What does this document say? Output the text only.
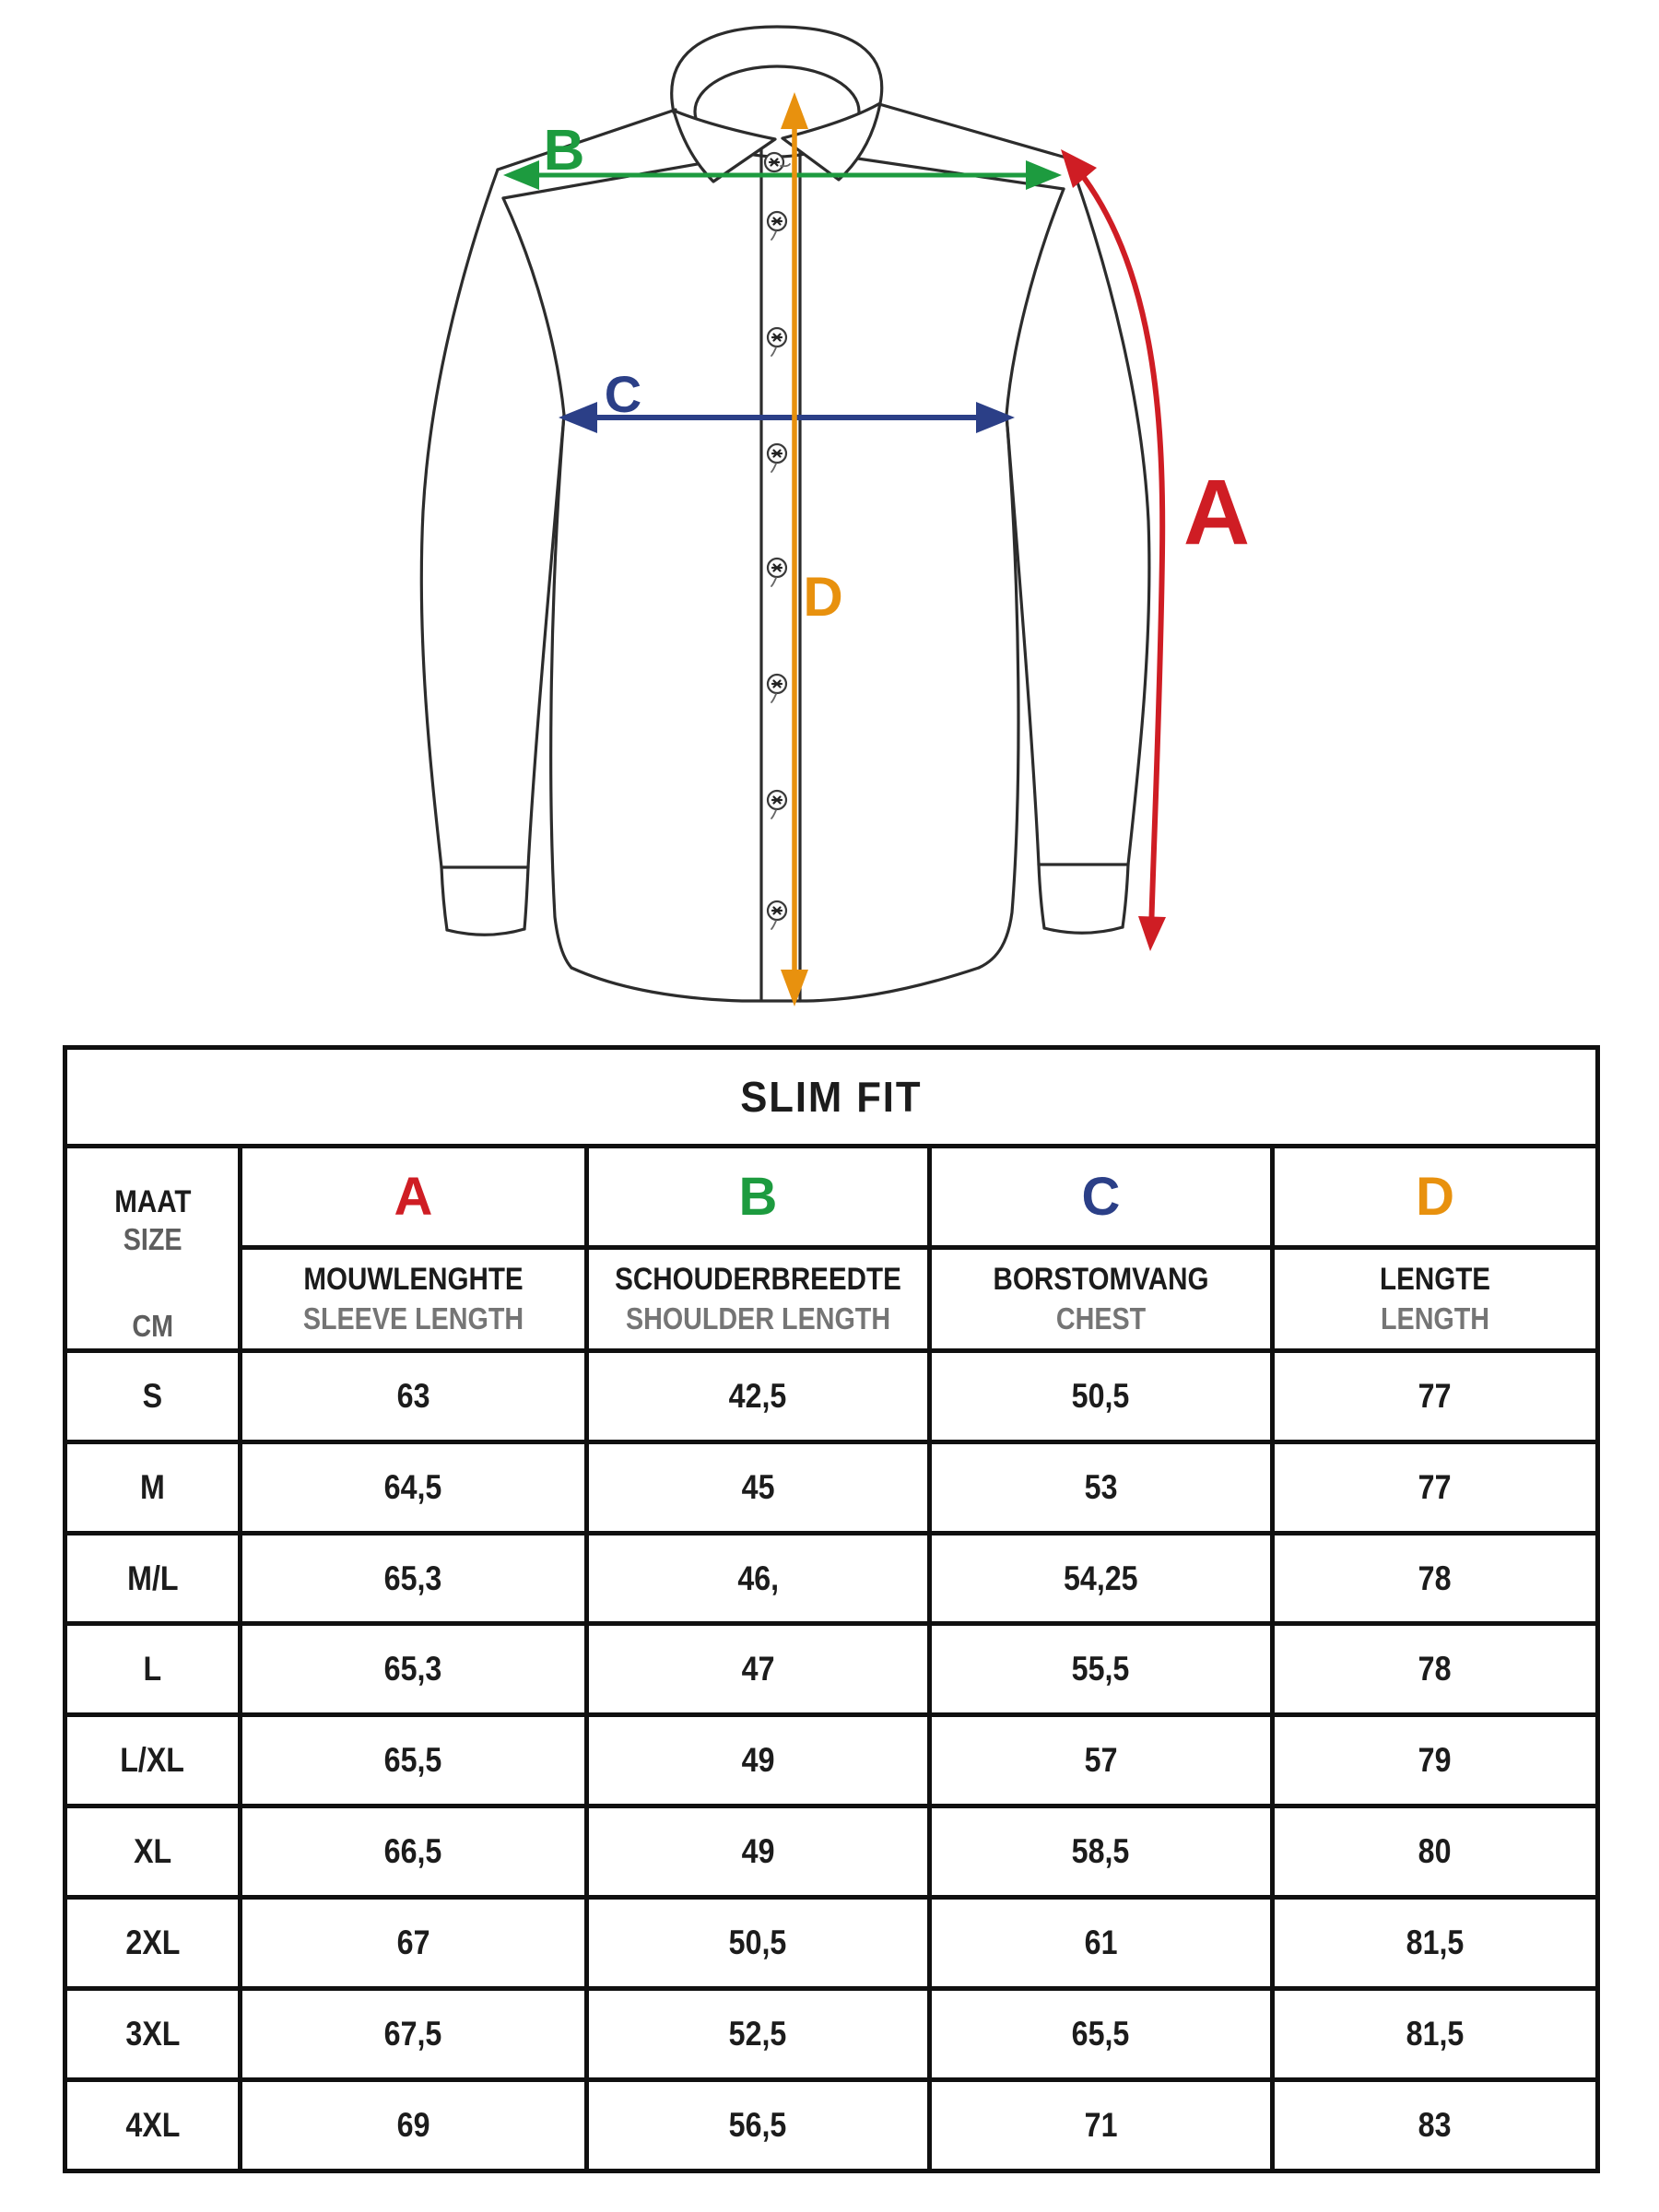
B
C
D
A
SLIM FIT				

MAAT
SIZE
CM	A	B	C	D

	MOUWLENGHTE
SLEEVE LENGTH	SCHOUDERBREEDTE
SHOULDER LENGTH	BORSTOMVANG
CHEST	LENGTE
LENGTH

S	63	42,5	50,5	77
M	64,5	45	53	77
M/L	65,3	46,	54,25	78
L	65,3	47	55,5	78
L/XL	65,5	49	57	79
XL	66,5	49	58,5	80
2XL	67	50,5	61	81,5
3XL	67,5	52,5	65,5	81,5
4XL	69	56,5	71	83
